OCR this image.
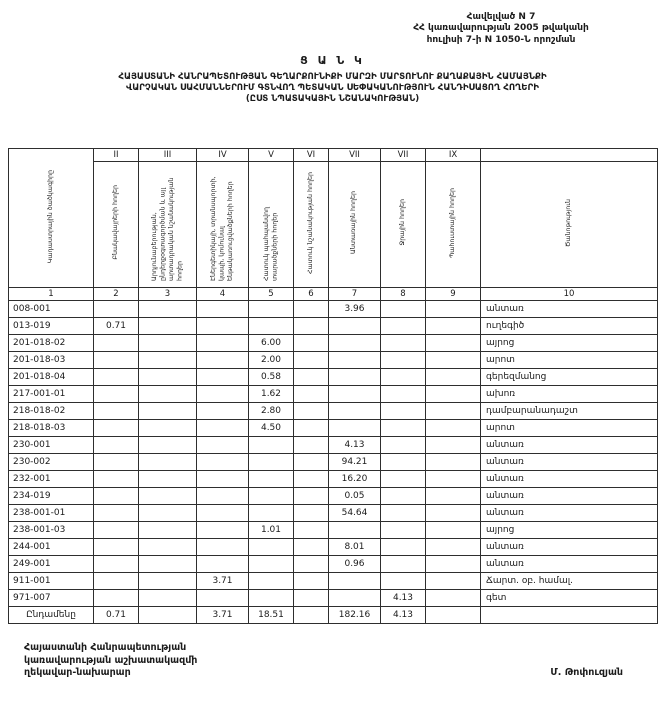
Հավելված N 7
ՀՀ կառավարության 2005 թվականի
հուլիսի 7-ի N 1050-Ն որոշման
Ց Ա Ն Կ
ՀԱՅԱՍՏԱՆԻ ՀԱՆՐԱՊԵՏՈՒԹՅԱՆ ԳԵՂԱՐՔՈՒՆԻՔԻ ՄԱՐԶԻ ՄԱՐՏՈՒՆՈՒ ՔԱՂԱՔԱՅԻՆ ՀԱՄԱՅՆՔԻ
ՎԱՐՉԱԿԱՆ ՍԱՀՄԱՆՆԵՐՈՒՄ ԳՏՆՎՈՂ ՊԵՏԱԿԱՆ ՍԵՓԱԿԱՆՈՒԹՅՈՒՆ ՀԱՆԴԻՍԱՑՈՂ ՀՈՂԵՐԻ
(ԸՍՏ ՆՊԱՏԱԿԱՅԻՆ ՆՇԱՆԱԿՈՒԹՅԱՆ)
Կադաստրային ծածկագիրը	II	III	IV	V	VI	VII	VII	IX	
	Բնակավայրերի հողեր	Արդյունաբերության, ընդերքօգտագործման և այլ արտադրական նշանակության հողեր	Էներգետիկայի, տրանսպորտի, կապի, կոմունալ ենթակառուցվածքների հողեր	Հատուկ պահպանվող տարածքների հողեր	Հատուկ նշանակության հողեր	Անտառային հողեր	Ջրային հողեր	Պահուստային հողեր	Ծանոթություն
1	2	3	4	5	6	7	8	9	10
008-001						3.96			անտառ
013-019	0.71								ուղեգիծ
201-018-02				6.00					այրոց
201-018-03				2.00					արոտ
201-018-04				0.58					գերեզմանոց
217-001-01				1.62					ախոռ
218-018-02				2.80					դամբարանադաշտ
218-018-03				4.50					արոտ
230-001						4.13			անտառ
230-002						94.21			անտառ
232-001						16.20			անտառ
234-019						0.05			անտառ
238-001-01						54.64			անտառ
238-001-03				1.01					այրոց
244-001						8.01			անտառ
249-001						0.96			անտառ
911-001			3.71						Ճարտ. օբ. համալ.
971-007							4.13		գետ
Ընդամենը	0.71		3.71	18.51		182.16	4.13		
Հայաստանի Հանրապետության
կառավարության աշխատակազմի
ղեկավար-նախարար	Մ. Թոփուզյան
